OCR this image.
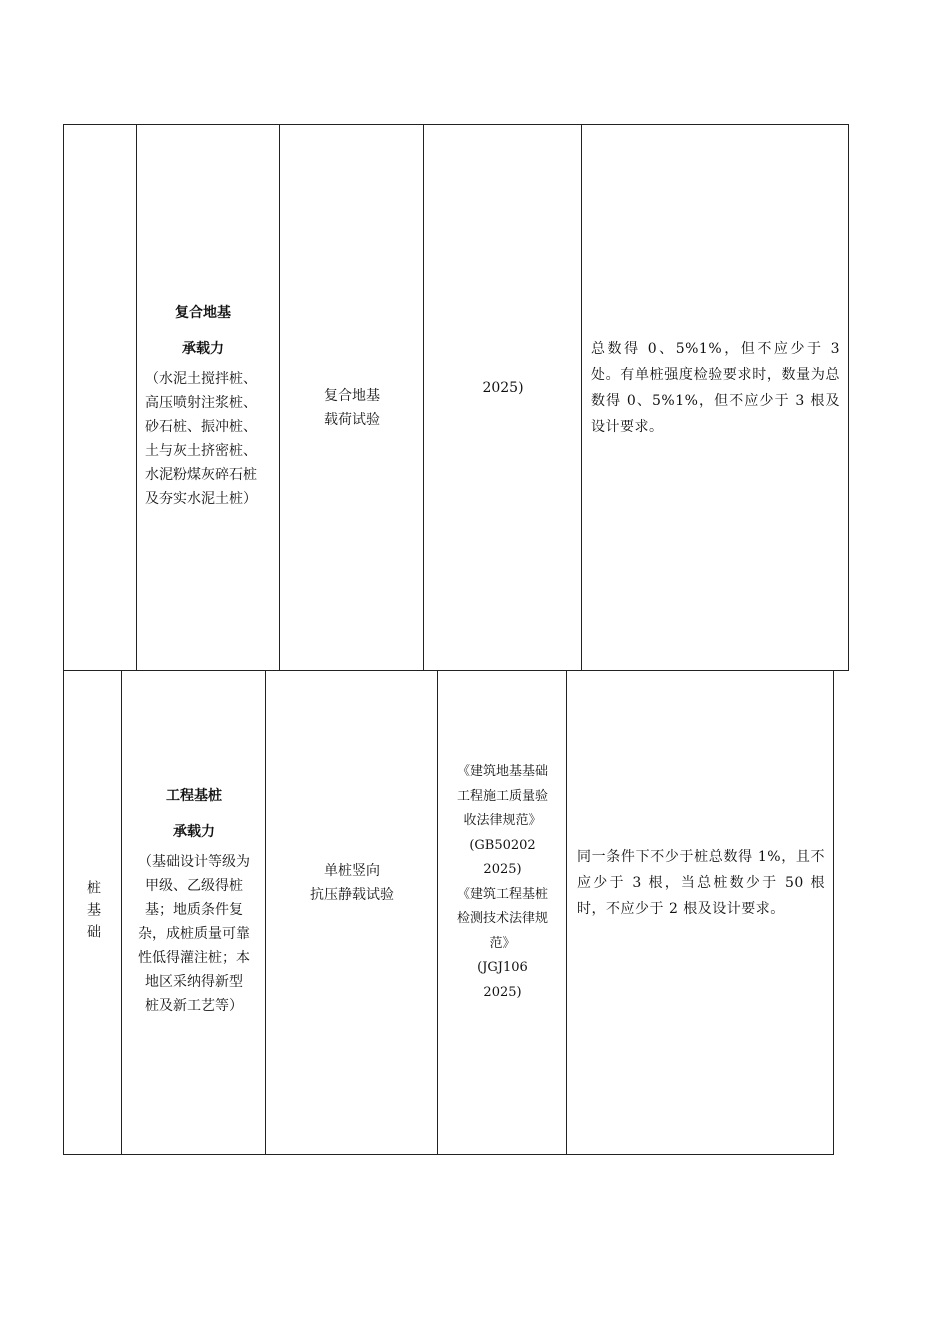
复合地基
承载力
（水泥土搅拌桩、
高压喷射注浆桩、
砂石桩、振冲桩、
土与灰土挤密桩、
水泥粉煤灰碎石桩
及夯实水泥土桩）
复合地基
载荷试验
2025)
总数得 0、5%1%，但不应少于 3 处。有单桩强度检验要求时，数量为总数得 0、5%1%，但不应少于 3 根及设计要求。
桩基础
工程基桩
承载力
（基础设计等级为
甲级、乙级得桩
基；地质条件复
杂，成桩质量可靠
性低得灌注桩；本
地区采纳得新型
桩及新工艺等）
单桩竖向
抗压静载试验
《建筑地基基础
工程施工质量验
收法律规范》
(GB50202
2025)
《建筑工程基桩
检测技术法律规
范》
(JGJ106
2025)
同一条件下不少于桩总数得 1%，且不应少于 3 根，当总桩数少于 50 根时，不应少于 2 根及设计要求。
